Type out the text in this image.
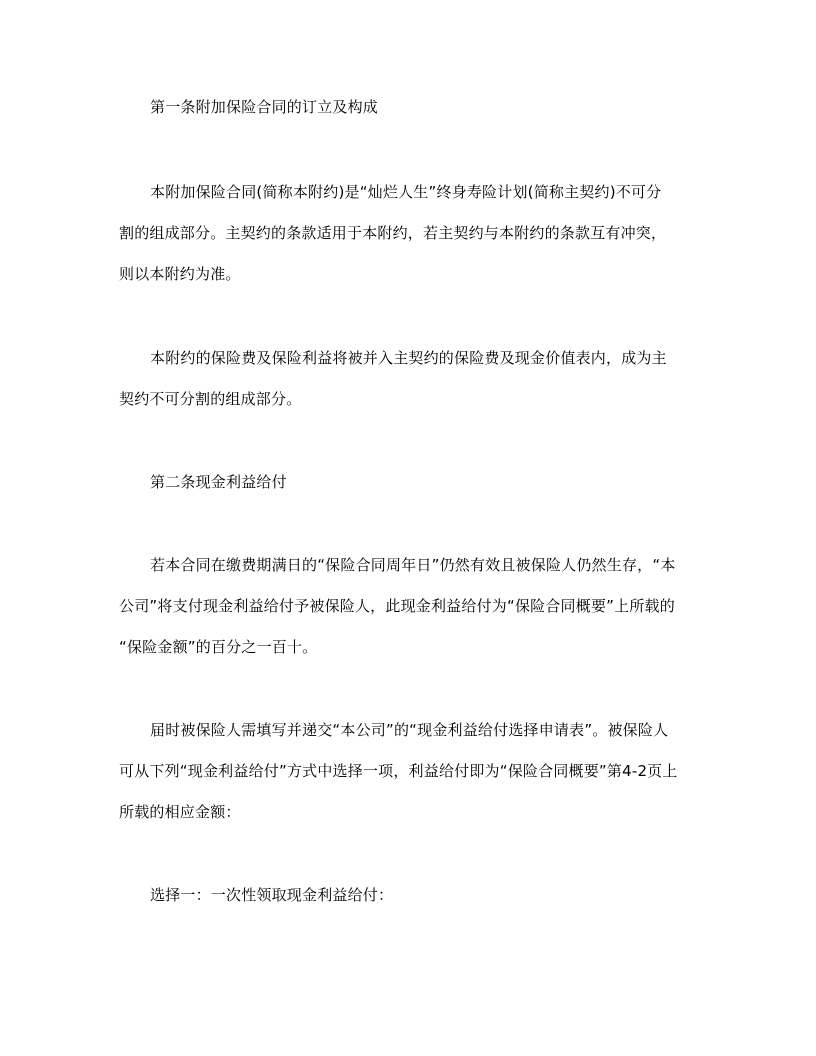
第一条附加保险合同的订立及构成
本附加保险合同(简称本附约)是“灿烂人生”终身寿险计划(简称主契约)不可分
割的组成部分。主契约的条款适用于本附约，若主契约与本附约的条款互有冲突，
则以本附约为准。
本附约的保险费及保险利益将被并入主契约的保险费及现金价值表内，成为主
契约不可分割的组成部分。
第二条现金利益给付
若本合同在缴费期满日的“保险合同周年日”仍然有效且被保险人仍然生存，“本
公司”将支付现金利益给付予被保险人，此现金利益给付为“保险合同概要”上所载的
“保险金额”的百分之一百十。
届时被保险人需填写并递交“本公司”的“现金利益给付选择申请表”。被保险人
可从下列“现金利益给付”方式中选择一项，利益给付即为“保险合同概要”第4-2页上
所载的相应金额：
选择一：一次性领取现金利益给付：
